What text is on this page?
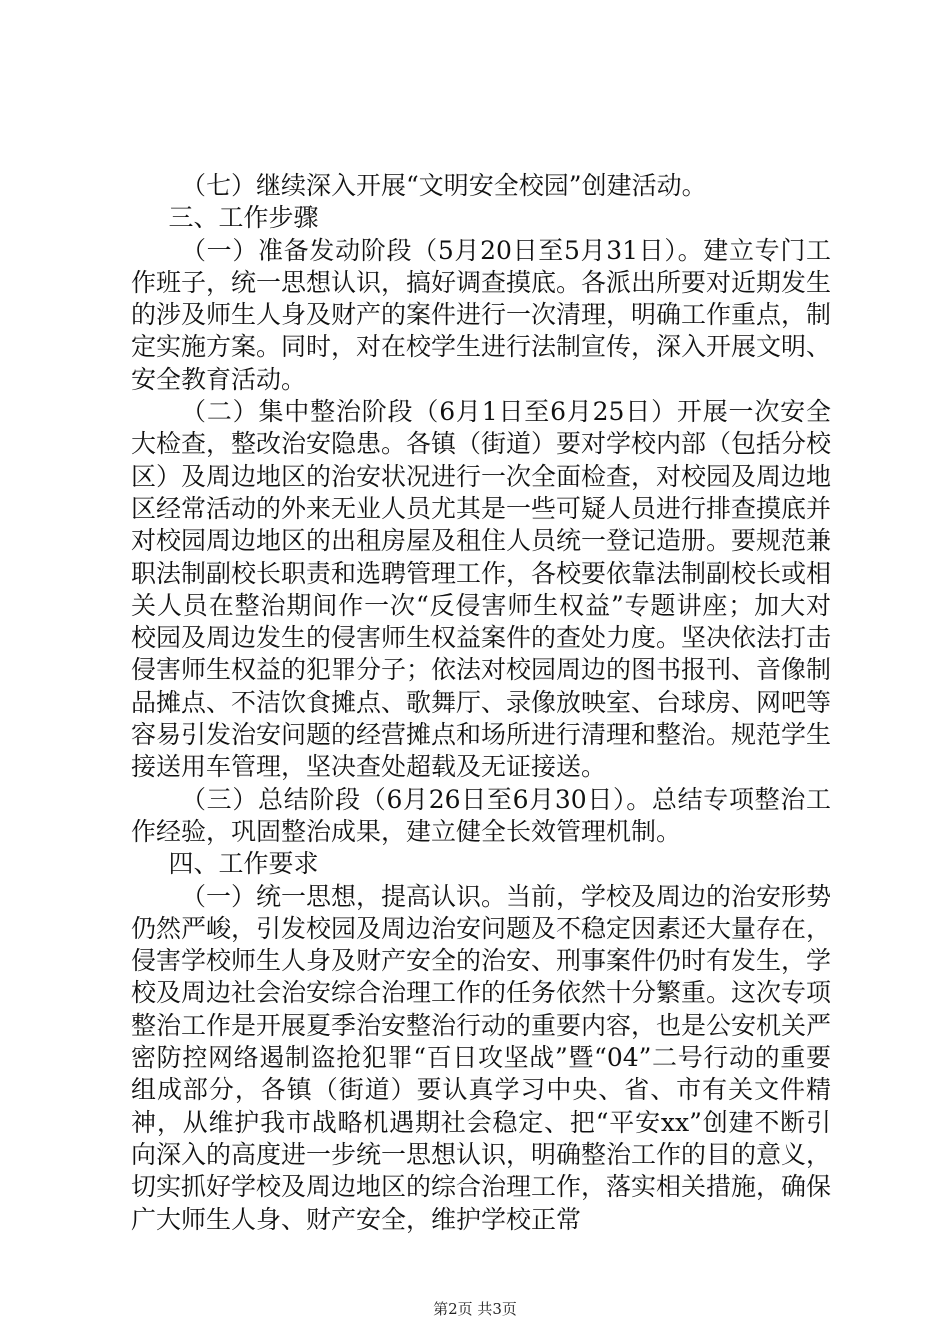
（七）继续深入开展“文明安全校园”创建活动。

三、工作步骤

（一）准备发动阶段（5月20日至5月31日）。建立专门工作班子，统一思想认识，搞好调查摸底。各派出所要对近期发生的涉及师生人身及财产的案件进行一次清理，明确工作重点，制定实施方案。同时，对在校学生进行法制宣传，深入开展文明、安全教育活动。

（二）集中整治阶段（6月1日至6月25日）开展一次安全大检查，整改治安隐患。各镇（街道）要对学校内部（包括分校区）及周边地区的治安状况进行一次全面检查，对校园及周边地区经常活动的外来无业人员尤其是一些可疑人员进行排查摸底并对校园周边地区的出租房屋及租住人员统一登记造册。要规范兼职法制副校长职责和选聘管理工作，各校要依靠法制副校长或相关人员在整治期间作一次“反侵害师生权益”专题讲座；加大对校园及周边发生的侵害师生权益案件的查处力度。坚决依法打击侵害师生权益的犯罪分子；依法对校园周边的图书报刊、音像制品摊点、不洁饮食摊点、歌舞厅、录像放映室、台球房、网吧等容易引发治安问题的经营摊点和场所进行清理和整治。规范学生接送用车管理，坚决查处超载及无证接送。

（三）总结阶段（6月26日至6月30日）。总结专项整治工作经验，巩固整治成果，建立健全长效管理机制。

四、工作要求

（一）统一思想，提高认识。当前，学校及周边的治安形势仍然严峻，引发校园及周边治安问题及不稳定因素还大量存在，侵害学校师生人身及财产安全的治安、刑事案件仍时有发生，学校及周边社会治安综合治理工作的任务依然十分繁重。这次专项整治工作是开展夏季治安整治行动的重要内容，也是公安机关严密防控网络遏制盗抢犯罪“百日攻坚战”暨“04”二号行动的重要组成部分，各镇（街道）要认真学习中央、省、市有关文件精神，从维护我市战略机遇期社会稳定、把“平安xx”创建不断引向深入的高度进一步统一思想认识，明确整治工作的目的意义，切实抓好学校及周边地区的综合治理工作，落实相关措施，确保广大师生人身、财产安全，维护学校正常

第2页 共3页
